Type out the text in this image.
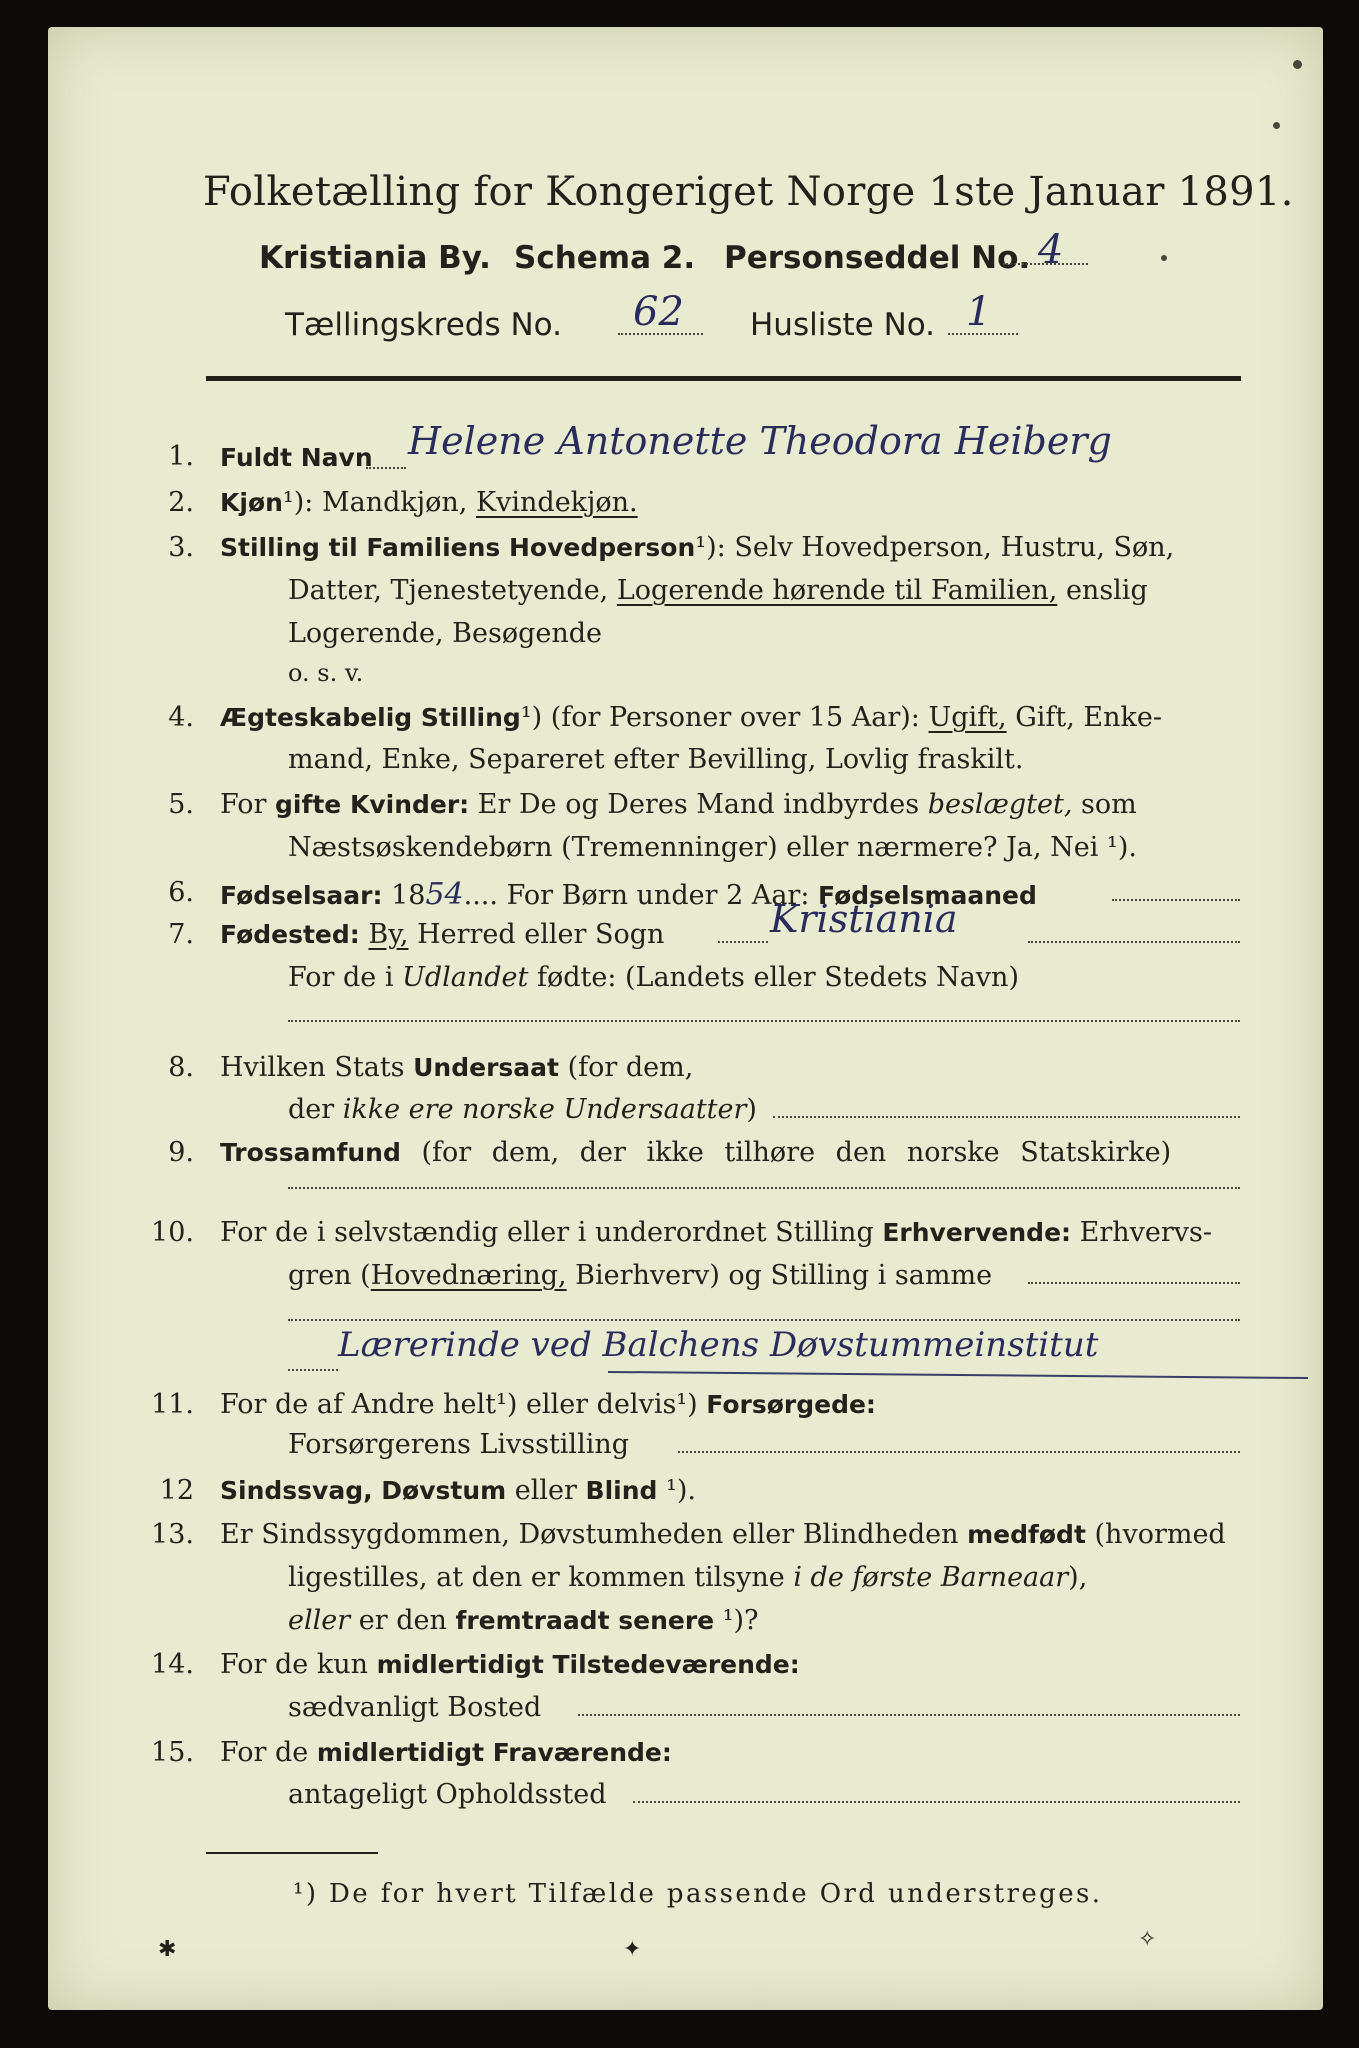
Folketælling for Kongeriget Norge 1ste Januar 1891.
Kristiania By. Schema 2. Personseddel No. 4
Tællingskreds No. 62 Husliste No. 1
1. Fuldt Navn Helene Antonette Theodora Heiberg
2. Kjøn¹): Mandkjøn, Kvindekjøn.
3. Stilling til Familiens Hovedperson¹): Selv Hovedperson, Hustru, Søn,
Datter, Tjenestetyende, Logerende hørende til Familien, enslig
Logerende, Besøgende
o. s. v.
4. Ægteskabelig Stilling¹) (for Personer over 15 Aar): Ugift, Gift, Enke-
mand, Enke, Separeret efter Bevilling, Lovlig fraskilt.
5. For gifte Kvinder: Er De og Deres Mand indbyrdes beslægtet, som
Næstsøskendebørn (Tremenninger) eller nærmere? Ja, Nei ¹).
6. Fødselsaar: 1854.... For Børn under 2 Aar: Fødselsmaaned
7. Fødested: By, Herred eller Sogn	Kristiania
For de i Udlandet fødte: (Landets eller Stedets Navn)
8. Hvilken Stats Undersaat (for dem,
der ikke ere norske Undersaatter)
9. Trossamfund (for dem, der ikke tilhøre den norske Statskirke)
10. For de i selvstændig eller i underordnet Stilling Erhvervende: Erhvervs-
gren (Hovednæring, Bierhverv) og Stilling i samme
Lærerinde ved Balchens Døvstummeinstitut
11. For de af Andre helt¹) eller delvis¹) Forsørgede:
Forsørgerens Livsstilling
12 Sindssvag, Døvstum eller Blind ¹).
13. Er Sindssygdommen, Døvstumheden eller Blindheden medfødt (hvormed
ligestilles, at den er kommen tilsyne i de første Barneaar),
eller er den fremtraadt senere ¹)?
14. For de kun midlertidigt Tilstedeværende:
sædvanligt Bosted
15. For de midlertidigt Fraværende:
antageligt Opholdssted
¹) De for hvert Tilfælde passende Ord understreges.
✱	✦	✧
